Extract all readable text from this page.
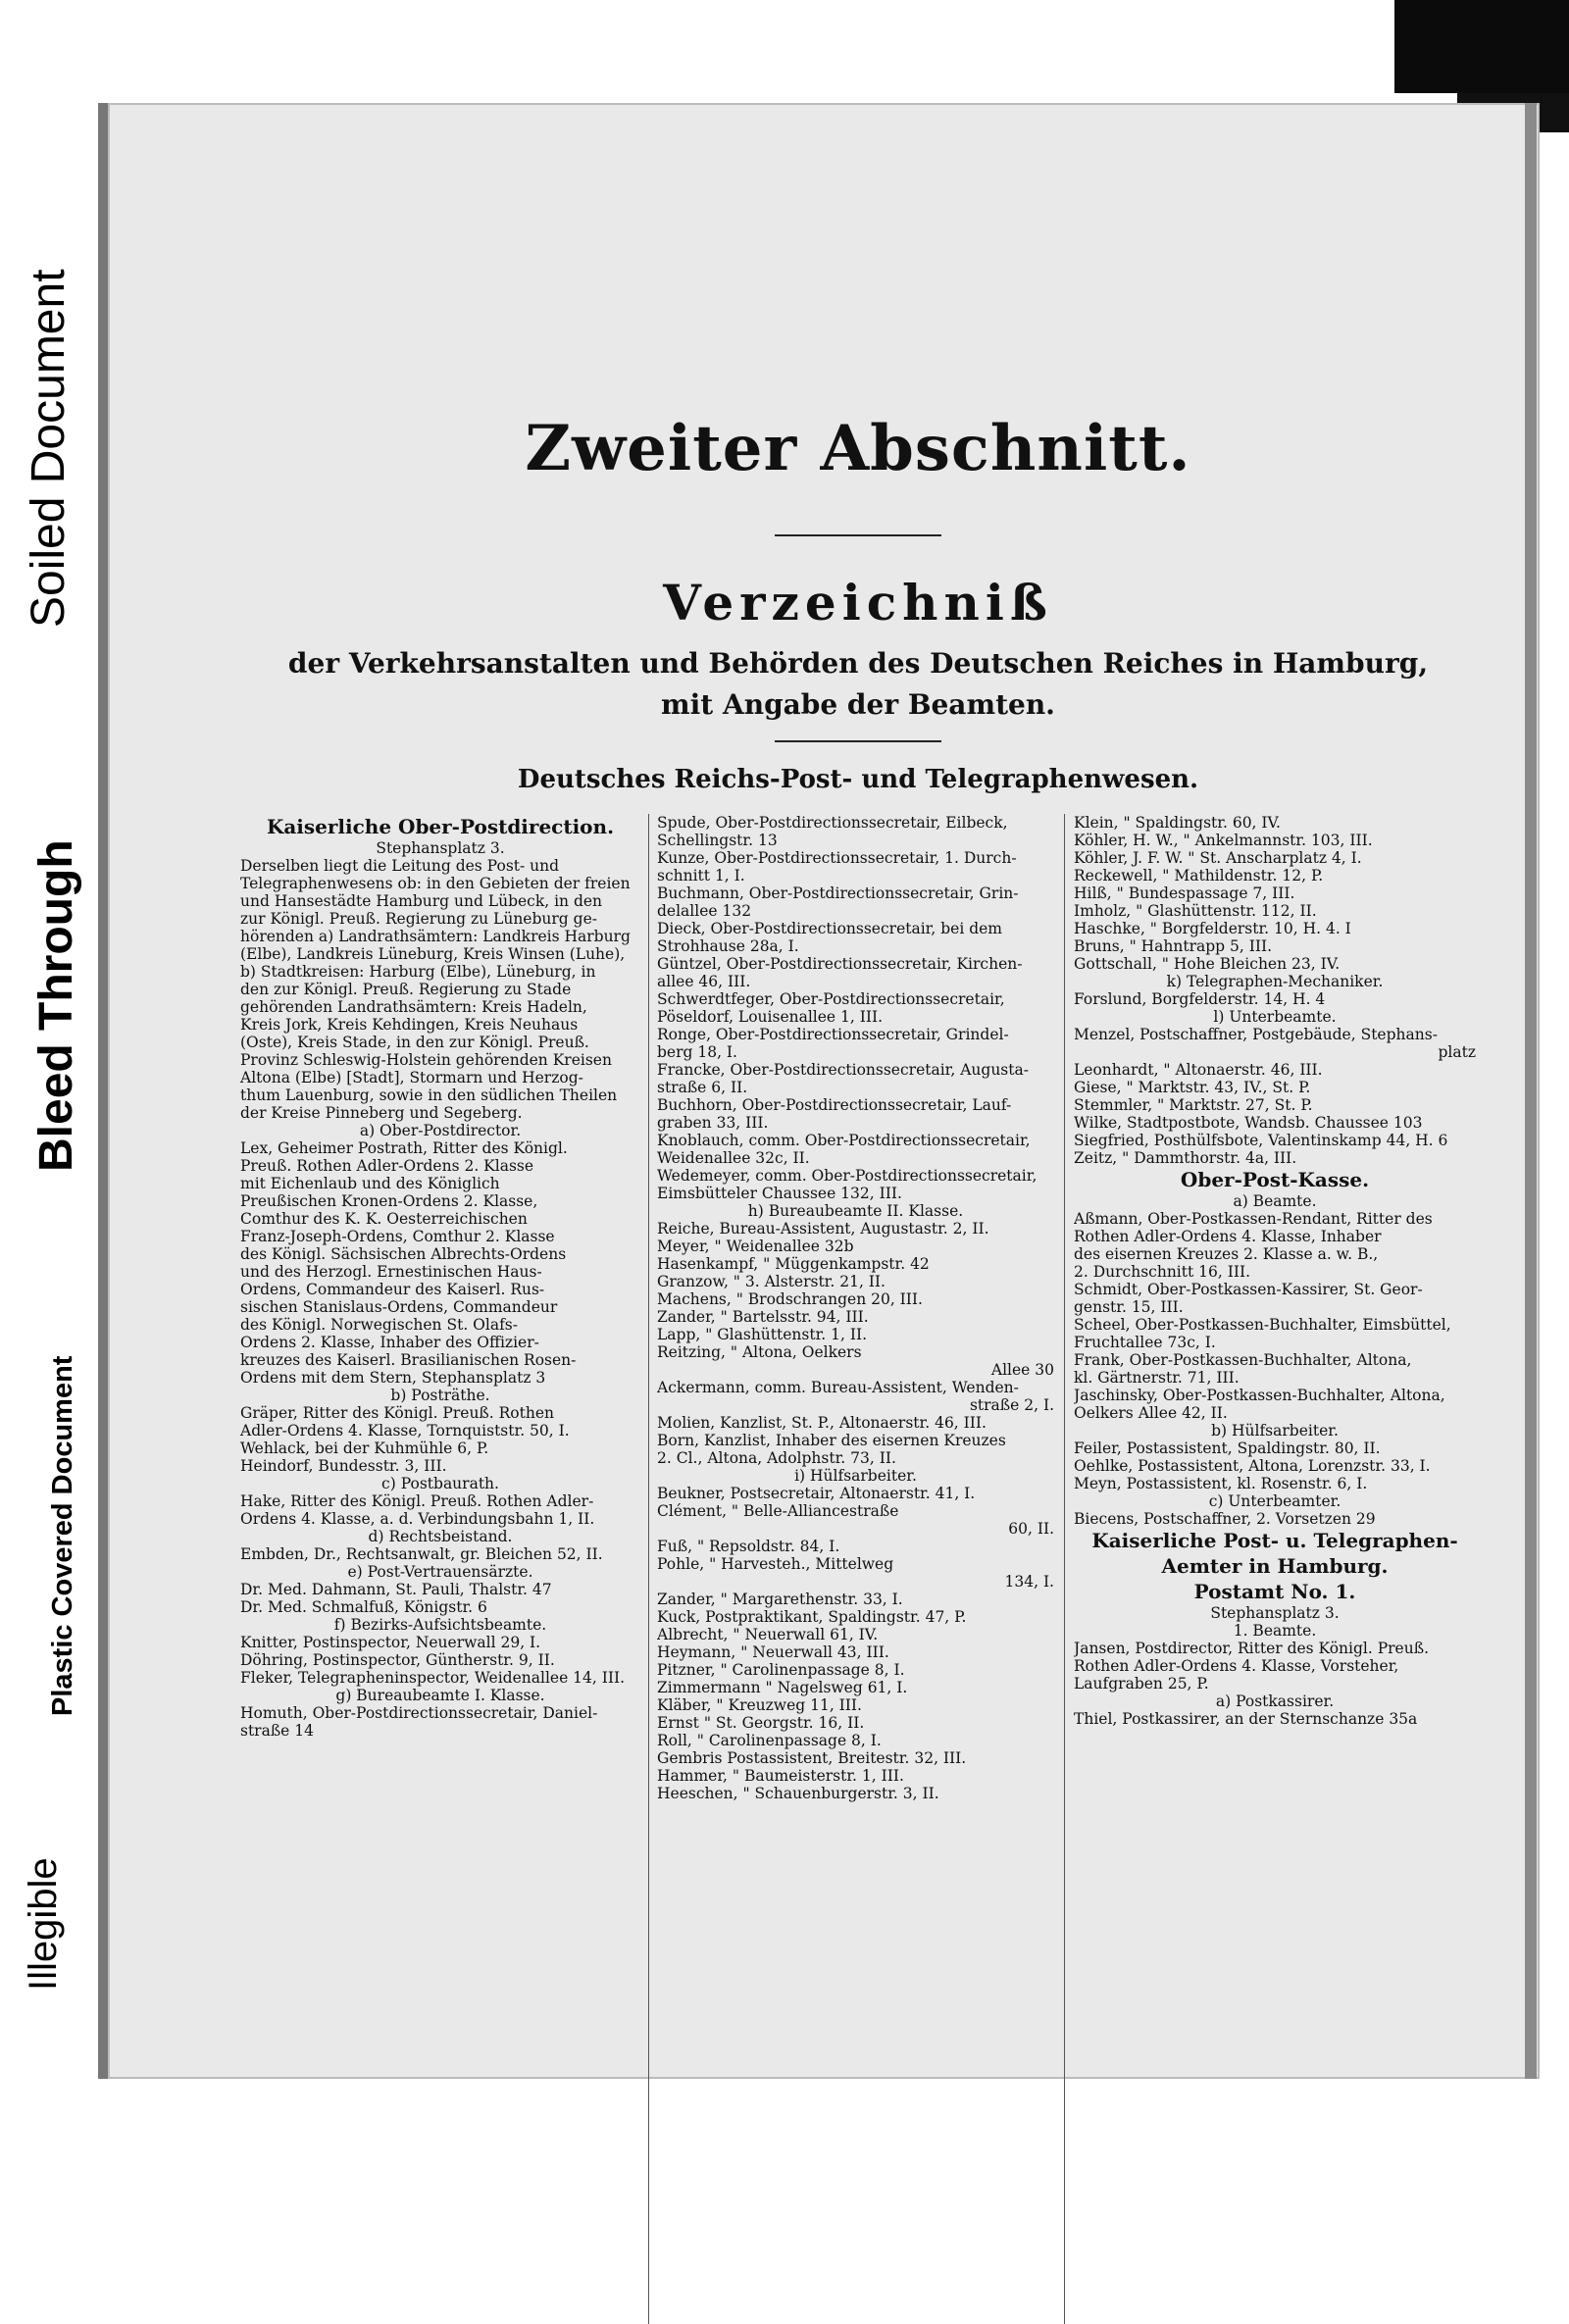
Illegible
Plastic Covered Document
Bleed Through
Soiled Document	Zweiter Abschnitt.
Verzeichniß
der Verkehrsanstalten und Behörden des Deutschen Reiches in Hamburg,
mit Angabe der Beamten.
Deutsches Reichs-Post- und Telegraphenwesen.
Kaiserliche Ober-Postdirection.
Stephansplatz 3.
Derselben liegt die Leitung des Post- und
Telegraphenwesens ob: in den Gebieten der freien
und Hansestädte Hamburg und Lübeck, in den
zur Königl. Preuß. Regierung zu Lüneburg ge-
hörenden a) Landrathsämtern: Landkreis Harburg
(Elbe), Landkreis Lüneburg, Kreis Winsen (Luhe),
b) Stadtkreisen: Harburg (Elbe), Lüneburg, in
den zur Königl. Preuß. Regierung zu Stade
gehörenden Landrathsämtern: Kreis Hadeln,
Kreis Jork, Kreis Kehdingen, Kreis Neuhaus
(Oste), Kreis Stade, in den zur Königl. Preuß.
Provinz Schleswig-Holstein gehörenden Kreisen
Altona (Elbe) [Stadt], Stormarn und Herzog-
thum Lauenburg, sowie in den südlichen Theilen
der Kreise Pinneberg und Segeberg.
a) Ober-Postdirector.
Lex, Geheimer Postrath, Ritter des Königl.
Preuß. Rothen Adler-Ordens 2. Klasse
mit Eichenlaub und des Königlich
Preußischen Kronen-Ordens 2. Klasse,
Comthur des K. K. Oesterreichischen
Franz-Joseph-Ordens, Comthur 2. Klasse
des Königl. Sächsischen Albrechts-Ordens
und des Herzogl. Ernestinischen Haus-
Ordens, Commandeur des Kaiserl. Rus-
sischen Stanislaus-Ordens, Commandeur
des Königl. Norwegischen St. Olafs-
Ordens 2. Klasse, Inhaber des Offizier-
kreuzes des Kaiserl. Brasilianischen Rosen-
Ordens mit dem Stern, Stephansplatz 3
b) Posträthe.
Gräper, Ritter des Königl. Preuß. Rothen
Adler-Ordens 4. Klasse, Tornquiststr. 50, I.
Wehlack, bei der Kuhmühle 6, P.
Heindorf, Bundesstr. 3, III.
c) Postbaurath.
Hake, Ritter des Königl. Preuß. Rothen Adler-
Ordens 4. Klasse, a. d. Verbindungsbahn 1, II.
d) Rechtsbeistand.
Embden, Dr., Rechtsanwalt, gr. Bleichen 52, II.
e) Post-Vertrauensärzte.
Dr. Med. Dahmann, St. Pauli, Thalstr. 47
Dr. Med. Schmalfuß, Königstr. 6
f) Bezirks-Aufsichtsbeamte.
Knitter, Postinspector, Neuerwall 29, I.
Döhring, Postinspector, Güntherstr. 9, II.
Fleker, Telegrapheninspector, Weidenallee 14, III.
g) Bureaubeamte I. Klasse.
Homuth, Ober-Postdirectionssecretair, Daniel-
straße 14
Spude, Ober-Postdirectionssecretair, Eilbeck,
Schellingstr. 13
Kunze, Ober-Postdirectionssecretair, 1. Durch-
schnitt 1, I.
Buchmann, Ober-Postdirectionssecretair, Grin-
delallee 132
Dieck, Ober-Postdirectionssecretair, bei dem
Strohhause 28a, I.
Güntzel, Ober-Postdirectionssecretair, Kirchen-
allee 46, III.
Schwerdtfeger, Ober-Postdirectionssecretair,
Pöseldorf, Louisenallee 1, III.
Ronge, Ober-Postdirectionssecretair, Grindel-
berg 18, I.
Francke, Ober-Postdirectionssecretair, Augusta-
straße 6, II.
Buchhorn, Ober-Postdirectionssecretair, Lauf-
graben 33, III.
Knoblauch, comm. Ober-Postdirectionssecretair,
Weidenallee 32c, II.
Wedemeyer, comm. Ober-Postdirectionssecretair,
Eimsbütteler Chaussee 132, III.
h) Bureaubeamte II. Klasse.
Reiche, Bureau-Assistent, Augustastr. 2, II.
Meyer, " Weidenallee 32b
Hasenkampf, " Müggenkampstr. 42
Granzow, " 3. Alsterstr. 21, II.
Machens, " Brodschrangen 20, III.
Zander, " Bartelsstr. 94, III.
Lapp, " Glashüttenstr. 1, II.
Reitzing, " Altona, Oelkers
Allee 30
Ackermann, comm. Bureau-Assistent, Wenden-
straße 2, I.
Molien, Kanzlist, St. P., Altonaerstr. 46, III.
Born, Kanzlist, Inhaber des eisernen Kreuzes
2. Cl., Altona, Adolphstr. 73, II.
i) Hülfsarbeiter.
Beukner, Postsecretair, Altonaerstr. 41, I.
Clément, " Belle-Alliancestraße
60, II.
Fuß, " Repsoldstr. 84, I.
Pohle, " Harvesteh., Mittelweg
134, I.
Zander, " Margarethenstr. 33, I.
Kuck, Postpraktikant, Spaldingstr. 47, P.
Albrecht, " Neuerwall 61, IV.
Heymann, " Neuerwall 43, III.
Pitzner, " Carolinenpassage 8, I.
Zimmermann " Nagelsweg 61, I.
Kläber, " Kreuzweg 11, III.
Ernst " St. Georgstr. 16, II.
Roll, " Carolinenpassage 8, I.
Gembris Postassistent, Breitestr. 32, III.
Hammer, " Baumeisterstr. 1, III.
Heeschen, " Schauenburgerstr. 3, II.
Klein, " Spaldingstr. 60, IV.
Köhler, H. W., " Ankelmannstr. 103, III.
Köhler, J. F. W. " St. Anscharplatz 4, I.
Reckewell, " Mathildenstr. 12, P.
Hilß, " Bundespassage 7, III.
Imholz, " Glashüttenstr. 112, II.
Haschke, " Borgfelderstr. 10, H. 4. I
Bruns, " Hahntrapp 5, III.
Gottschall, " Hohe Bleichen 23, IV.
k) Telegraphen-Mechaniker.
Forslund, Borgfelderstr. 14, H. 4
l) Unterbeamte.
Menzel, Postschaffner, Postgebäude, Stephans-
platz
Leonhardt, " Altonaerstr. 46, III.
Giese, " Marktstr. 43, IV., St. P.
Stemmler, " Marktstr. 27, St. P.
Wilke, Stadtpostbote, Wandsb. Chaussee 103
Siegfried, Posthülfsbote, Valentinskamp 44, H. 6
Zeitz, " Dammthorstr. 4a, III.
Ober-Post-Kasse.
a) Beamte.
Aßmann, Ober-Postkassen-Rendant, Ritter des
Rothen Adler-Ordens 4. Klasse, Inhaber
des eisernen Kreuzes 2. Klasse a. w. B.,
2. Durchschnitt 16, III.
Schmidt, Ober-Postkassen-Kassirer, St. Geor-
genstr. 15, III.
Scheel, Ober-Postkassen-Buchhalter, Eimsbüttel,
Fruchtallee 73c, I.
Frank, Ober-Postkassen-Buchhalter, Altona,
kl. Gärtnerstr. 71, III.
Jaschinsky, Ober-Postkassen-Buchhalter, Altona,
Oelkers Allee 42, II.
b) Hülfsarbeiter.
Feiler, Postassistent, Spaldingstr. 80, II.
Oehlke, Postassistent, Altona, Lorenzstr. 33, I.
Meyn, Postassistent, kl. Rosenstr. 6, I.
c) Unterbeamter.
Biecens, Postschaffner, 2. Vorsetzen 29
Kaiserliche Post- u. Telegraphen-
Aemter in Hamburg.
Postamt No. 1.
Stephansplatz 3.
1. Beamte.
Jansen, Postdirector, Ritter des Königl. Preuß.
Rothen Adler-Ordens 4. Klasse, Vorsteher,
Laufgraben 25, P.
a) Postkassirer.
Thiel, Postkassirer, an der Sternschanze 35a
